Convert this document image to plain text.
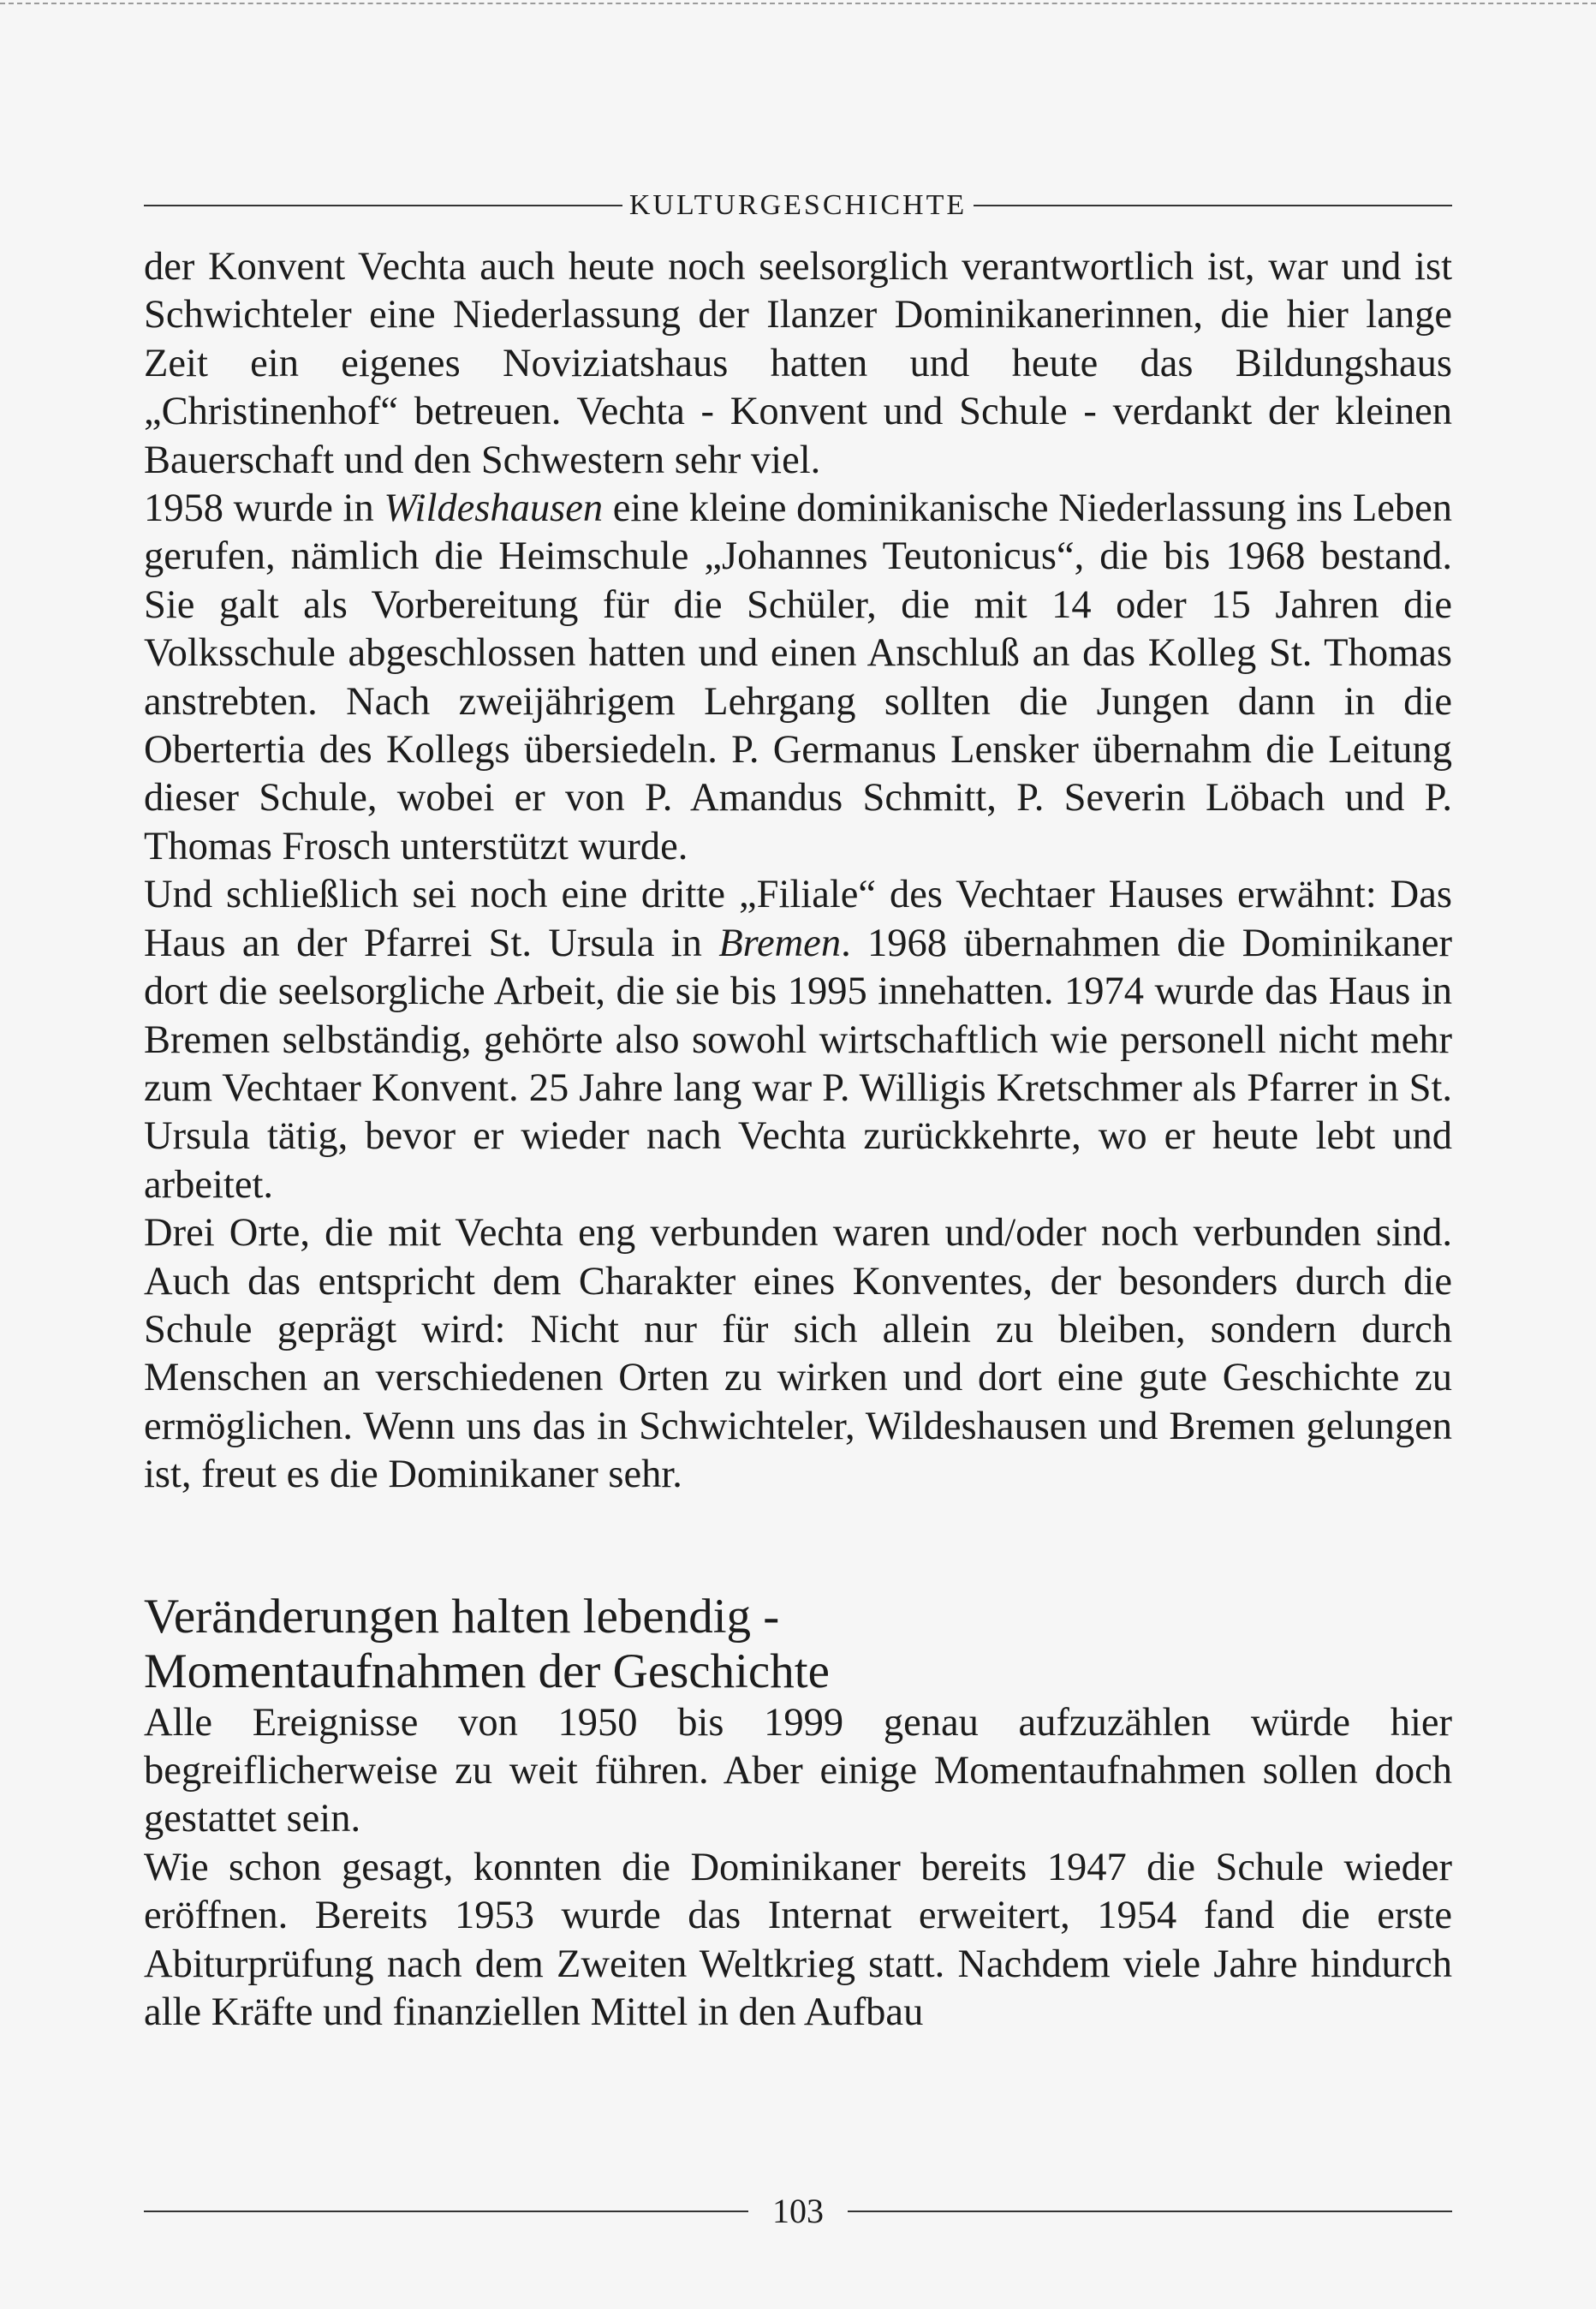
KULTURGESCHICHTE

der Konvent Vechta auch heute noch seelsorglich verantwortlich ist, war und ist Schwichteler eine Niederlassung der Ilanzer Dominikanerinnen, die hier lange Zeit ein eigenes Noviziatshaus hatten und heute das Bildungshaus „Christinenhof“ betreuen. Vechta - Konvent und Schule - verdankt der kleinen Bauerschaft und den Schwestern sehr viel.

1958 wurde in Wildeshausen eine kleine dominikanische Niederlassung ins Leben gerufen, nämlich die Heimschule „Johannes Teutonicus“, die bis 1968 bestand. Sie galt als Vorbereitung für die Schüler, die mit 14 oder 15 Jahren die Volksschule abgeschlossen hatten und einen Anschluß an das Kolleg St. Thomas anstrebten. Nach zweijährigem Lehrgang sollten die Jungen dann in die Obertertia des Kollegs übersiedeln. P. Germanus Lensker übernahm die Leitung dieser Schule, wobei er von P. Amandus Schmitt, P. Severin Löbach und P. Thomas Frosch unterstützt wurde.

Und schließlich sei noch eine dritte „Filiale“ des Vechtaer Hauses erwähnt: Das Haus an der Pfarrei St. Ursula in Bremen. 1968 übernahmen die Dominikaner dort die seelsorgliche Arbeit, die sie bis 1995 innehatten. 1974 wurde das Haus in Bremen selbständig, gehörte also sowohl wirtschaftlich wie personell nicht mehr zum Vechtaer Konvent. 25 Jahre lang war P. Willigis Kretschmer als Pfarrer in St. Ursula tätig, bevor er wieder nach Vechta zurückkehrte, wo er heute lebt und arbeitet.

Drei Orte, die mit Vechta eng verbunden waren und/oder noch verbunden sind. Auch das entspricht dem Charakter eines Konventes, der besonders durch die Schule geprägt wird: Nicht nur für sich allein zu bleiben, sondern durch Menschen an verschiedenen Orten zu wirken und dort eine gute Geschichte zu ermöglichen. Wenn uns das in Schwichteler, Wildeshausen und Bremen gelungen ist, freut es die Dominikaner sehr.

Veränderungen halten lebendig -
Momentaufnahmen der Geschichte

Alle Ereignisse von 1950 bis 1999 genau aufzuzählen würde hier begreiflicherweise zu weit führen. Aber einige Momentaufnahmen sollen doch gestattet sein.

Wie schon gesagt, konnten die Dominikaner bereits 1947 die Schule wieder eröffnen. Bereits 1953 wurde das Internat erweitert, 1954 fand die erste Abiturprüfung nach dem Zweiten Weltkrieg statt. Nachdem viele Jahre hindurch alle Kräfte und finanziellen Mittel in den Aufbau

103
